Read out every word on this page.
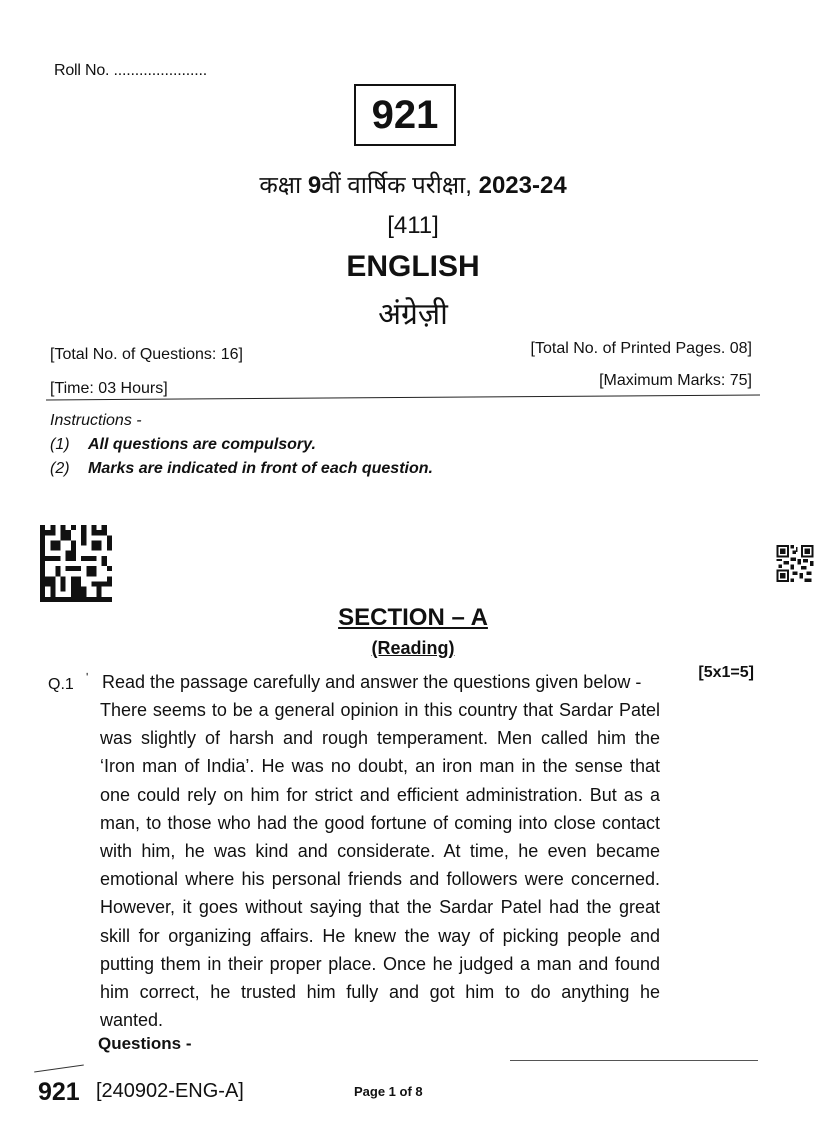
Roll No. ......................
921
कक्षा 9वीं वार्षिक परीक्षा, 2023-24
[411]
ENGLISH
अंग्रेज़ी
[Total No. of Questions: 16]
[Time: 03 Hours]
[Total No. of Printed Pages. 08]
[Maximum Marks: 75]
Instructions -
(1) All questions are compulsory.
(2) Marks are indicated in front of each question.
SECTION – A
(Reading)
Q.1 ʹ Read the passage carefully and answer the questions given below -	[5x1=5]
There seems to be a general opinion in this country that Sardar Patel
was slightly of harsh and rough temperament. Men called him the
‘Iron man of India’. He was no doubt, an iron man in the sense that
one could rely on him for strict and efficient administration. But as a
man, to those who had the good fortune of coming into close contact
with him, he was kind and considerate. At time, he even became
emotional where his personal friends and followers were concerned.
However, it goes without saying that the Sardar Patel had the great
skill for organizing affairs. He knew the way of picking people and
putting them in their proper place. Once he judged a man and found
him correct, he trusted him fully and got him to do anything he
wanted.
Questions -
921 [240902-ENG-A]	Page 1 of 8
